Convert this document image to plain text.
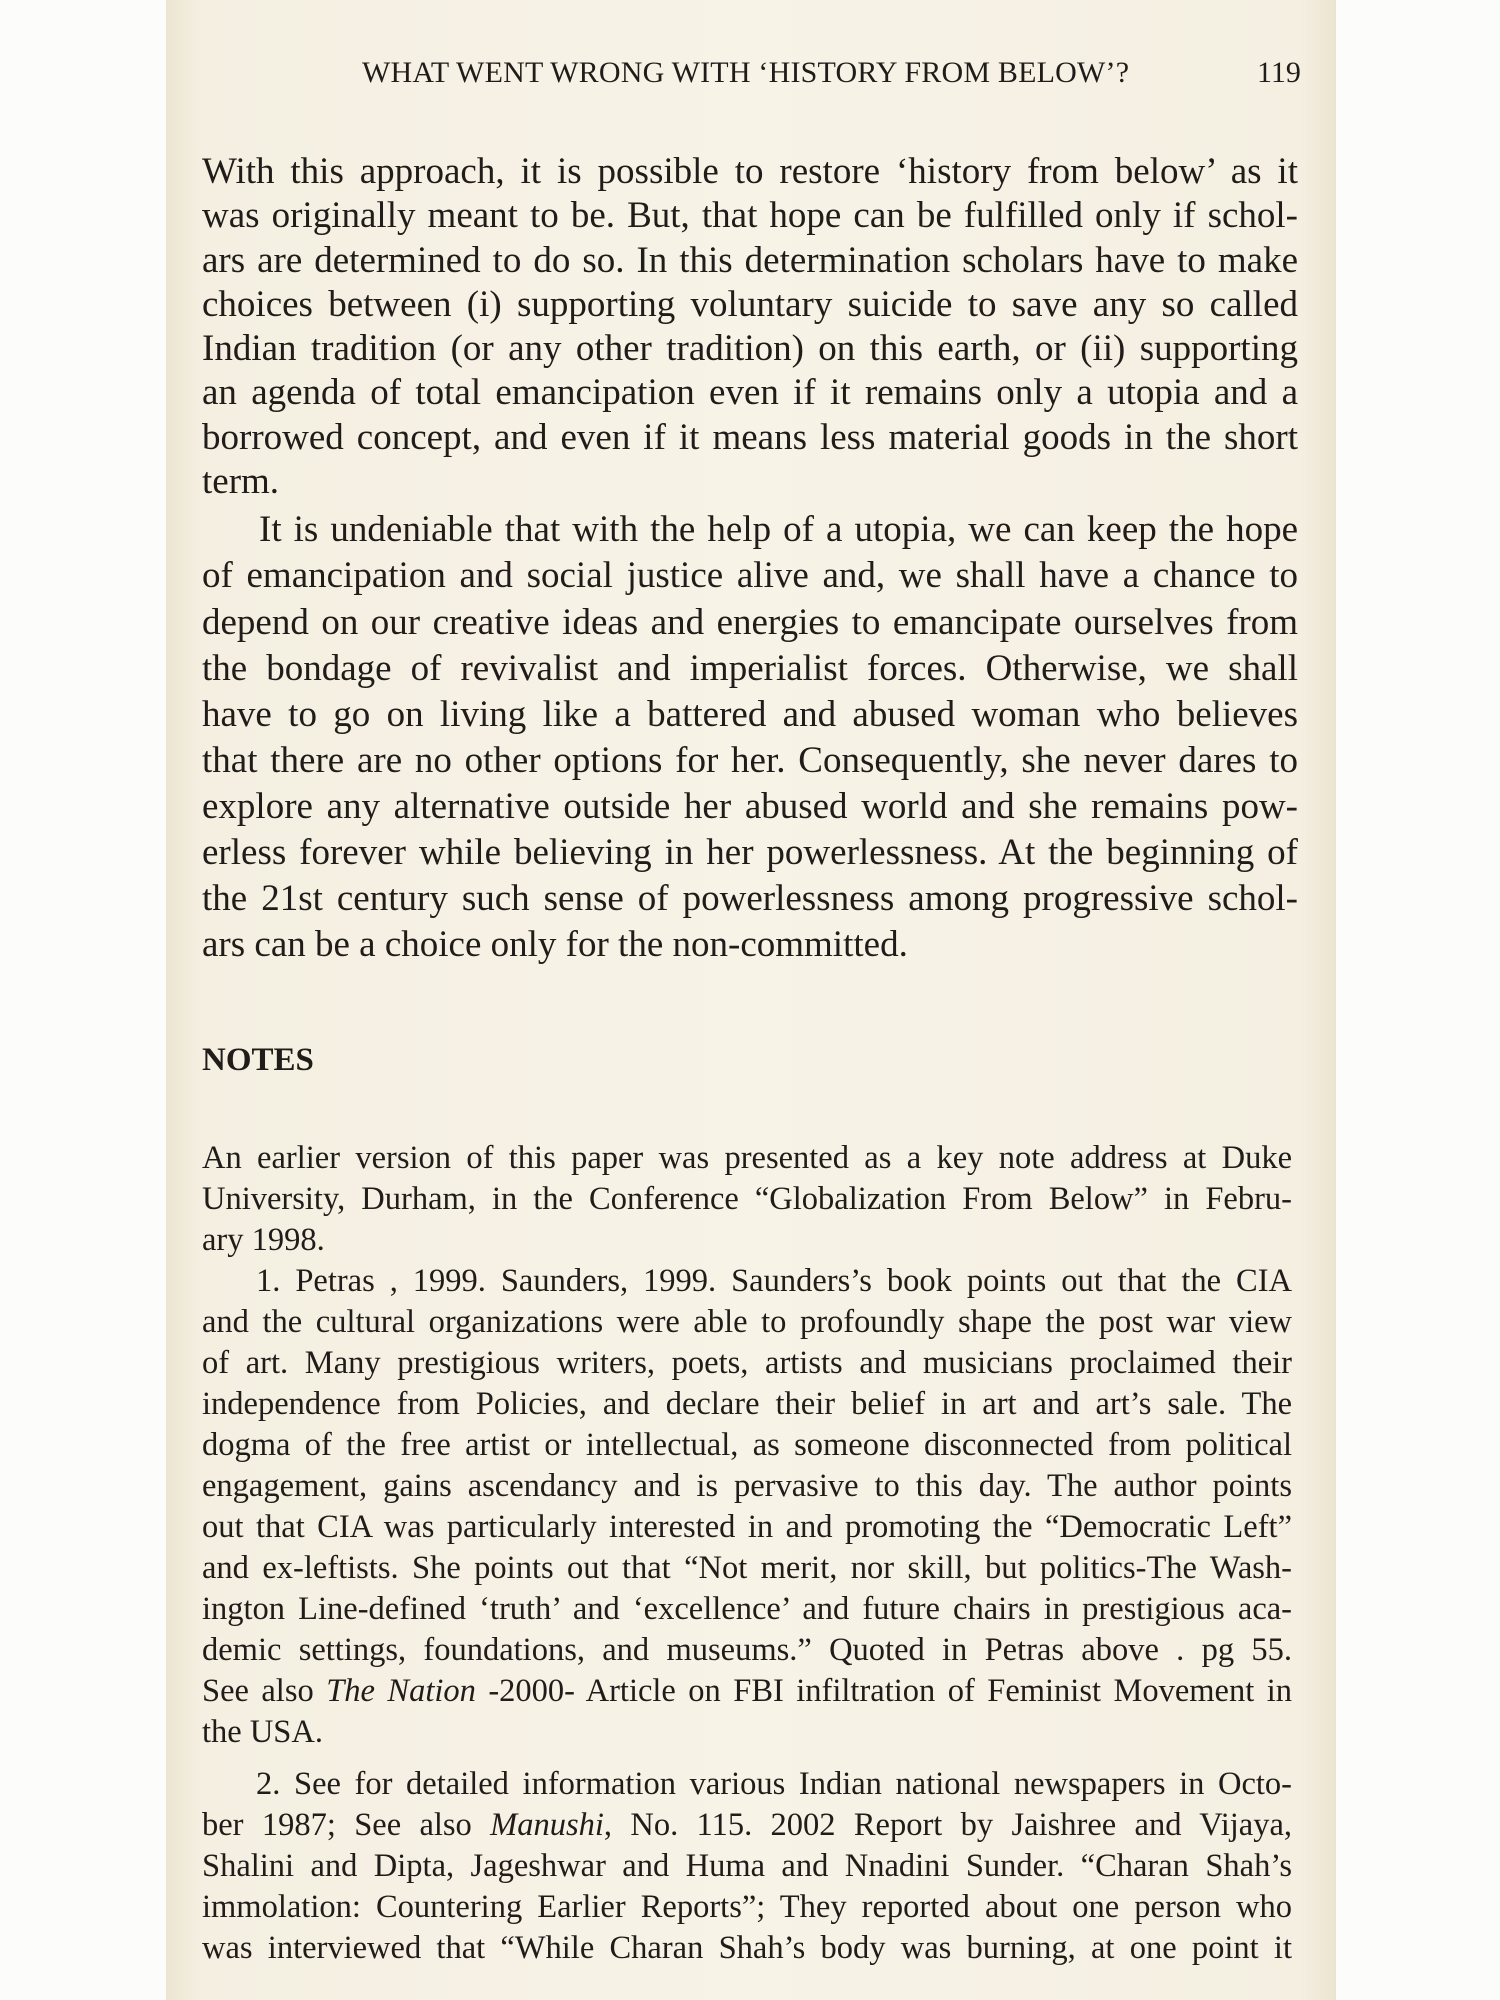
WHAT WENT WRONG WITH ‘HISTORY FROM BELOW’?	119
With this approach, it is possible to restore ‘history from below’ as it
was originally meant to be. But, that hope can be fulfilled only if schol-
ars are determined to do so. In this determination scholars have to make
choices between (i) supporting voluntary suicide to save any so called
Indian tradition (or any other tradition) on this earth, or (ii) supporting
an agenda of total emancipation even if it remains only a utopia and a
borrowed concept, and even if it means less material goods in the short
term.
It is undeniable that with the help of a utopia, we can keep the hope
of emancipation and social justice alive and, we shall have a chance to
depend on our creative ideas and energies to emancipate ourselves from
the bondage of revivalist and imperialist forces. Otherwise, we shall
have to go on living like a battered and abused woman who believes
that there are no other options for her. Consequently, she never dares to
explore any alternative outside her abused world and she remains pow-
erless forever while believing in her powerlessness. At the beginning of
the 21st century such sense of powerlessness among progressive schol-
ars can be a choice only for the non-committed.
NOTES
An earlier version of this paper was presented as a key note address at Duke
University, Durham, in the Conference “Globalization From Below” in Febru-
ary 1998.
1. Petras , 1999. Saunders, 1999. Saunders’s book points out that the CIA
and the cultural organizations were able to profoundly shape the post war view
of art. Many prestigious writers, poets, artists and musicians proclaimed their
independence from Policies, and declare their belief in art and art’s sale. The
dogma of the free artist or intellectual, as someone disconnected from political
engagement, gains ascendancy and is pervasive to this day. The author points
out that CIA was particularly interested in and promoting the “Democratic Left”
and ex-leftists. She points out that “Not merit, nor skill, but politics-The Wash-
ington Line-defined ‘truth’ and ‘excellence’ and future chairs in prestigious aca-
demic settings, foundations, and museums.” Quoted in Petras above . pg 55.
See also The Nation -2000- Article on FBI infiltration of Feminist Movement in
the USA.
2. See for detailed information various Indian national newspapers in Octo-
ber 1987; See also Manushi, No. 115. 2002 Report by Jaishree and Vijaya,
Shalini and Dipta, Jageshwar and Huma and Nnadini Sunder. “Charan Shah’s
immolation: Countering Earlier Reports”; They reported about one person who
was interviewed that “While Charan Shah’s body was burning, at one point it
